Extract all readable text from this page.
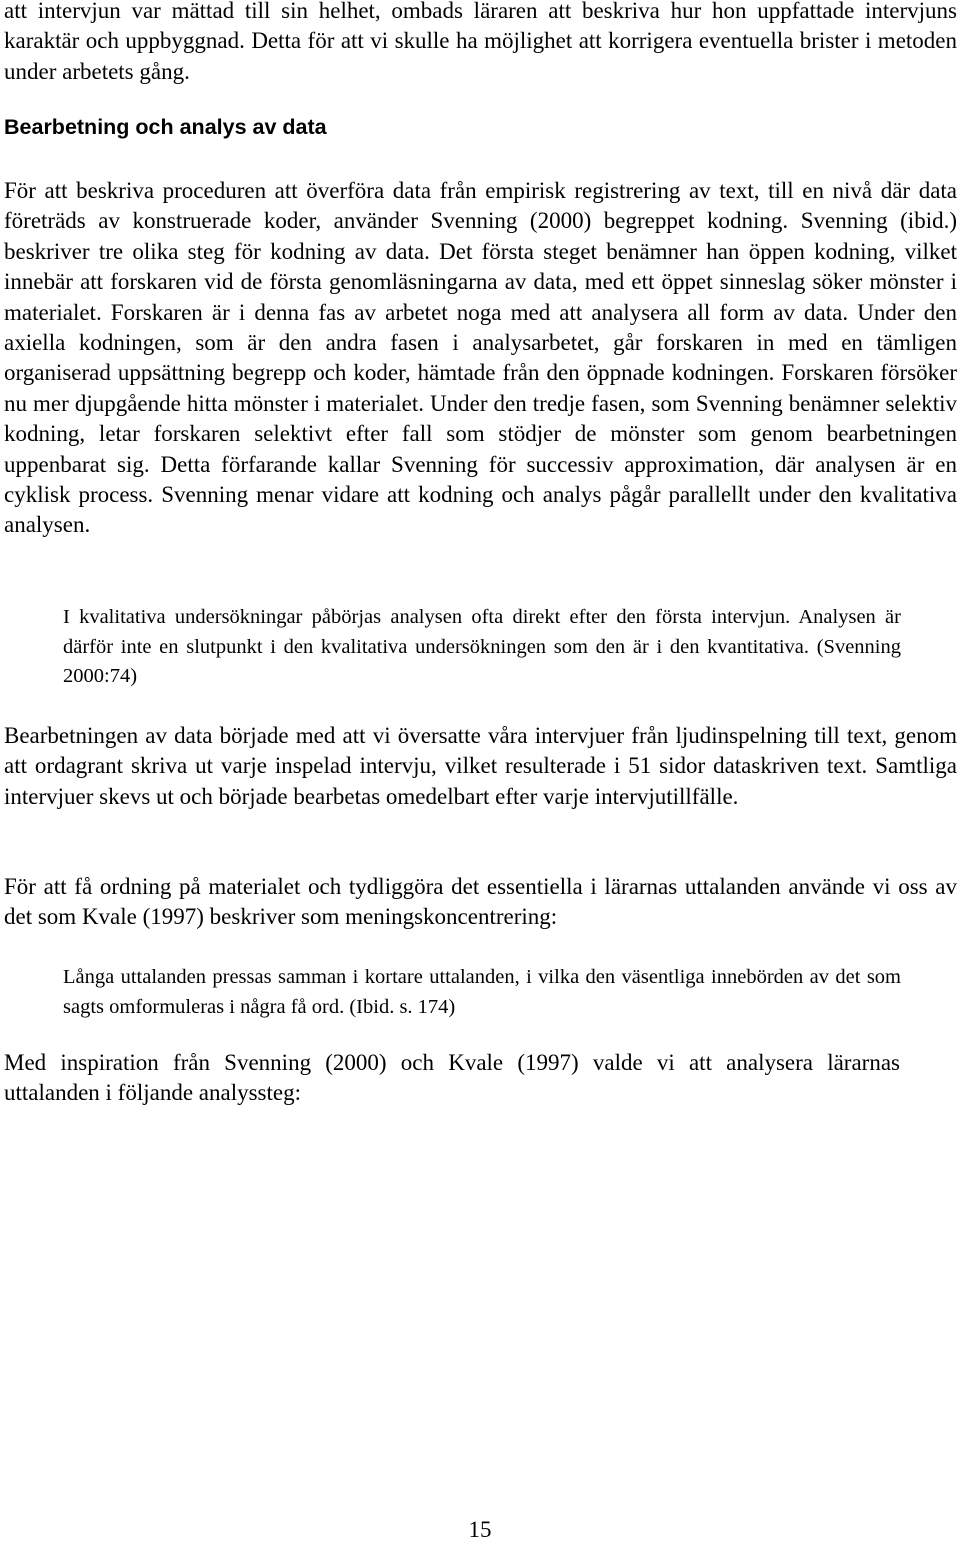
att intervjun var mättad till sin helhet, ombads läraren att beskriva hur hon uppfattade intervjuns karaktär och uppbyggnad. Detta för att vi skulle ha möjlighet att korrigera eventuella brister i metoden under arbetets gång.

Bearbetning och analys av data

För att beskriva proceduren att överföra data från empirisk registrering av text, till en nivå där data företräds av konstruerade koder, använder Svenning (2000) begreppet kodning. Svenning (ibid.) beskriver tre olika steg för kodning av data. Det första steget benämner han öppen kodning, vilket innebär att forskaren vid de första genomläsningarna av data, med ett öppet sinneslag söker mönster i materialet. Forskaren är i denna fas av arbetet noga med att analysera all form av data. Under den axiella kodningen, som är den andra fasen i analysarbetet, går forskaren in med en tämligen organiserad uppsättning begrepp och koder, hämtade från den öppnade kodningen. Forskaren försöker nu mer djupgående hitta mönster i materialet. Under den tredje fasen, som Svenning benämner selektiv kodning, letar forskaren selektivt efter fall som stödjer de mönster som genom bearbetningen uppenbarat sig. Detta förfarande kallar Svenning för successiv approximation, där analysen är en cyklisk process. Svenning menar vidare att kodning och analys pågår parallellt under den kvalitativa analysen.

I kvalitativa undersökningar påbörjas analysen ofta direkt efter den första intervjun. Analysen är därför inte en slutpunkt i den kvalitativa undersökningen som den är i den kvantitativa. (Svenning 2000:74)

Bearbetningen av data började med att vi översatte våra intervjuer från ljudinspelning till text, genom att ordagrant skriva ut varje inspelad intervju, vilket resulterade i 51 sidor dataskriven text. Samtliga intervjuer skevs ut och började bearbetas omedelbart efter varje intervjutillfälle.

För att få ordning på materialet och tydliggöra det essentiella i lärarnas uttalanden använde vi oss av det som Kvale (1997) beskriver som meningskoncentrering:

Långa uttalanden pressas samman i kortare uttalanden, i vilka den väsentliga innebörden av det som sagts omformuleras i några få ord. (Ibid. s. 174)

Med inspiration från Svenning (2000) och Kvale (1997) valde vi att analysera lärarnas uttalanden i följande analyssteg:

15
